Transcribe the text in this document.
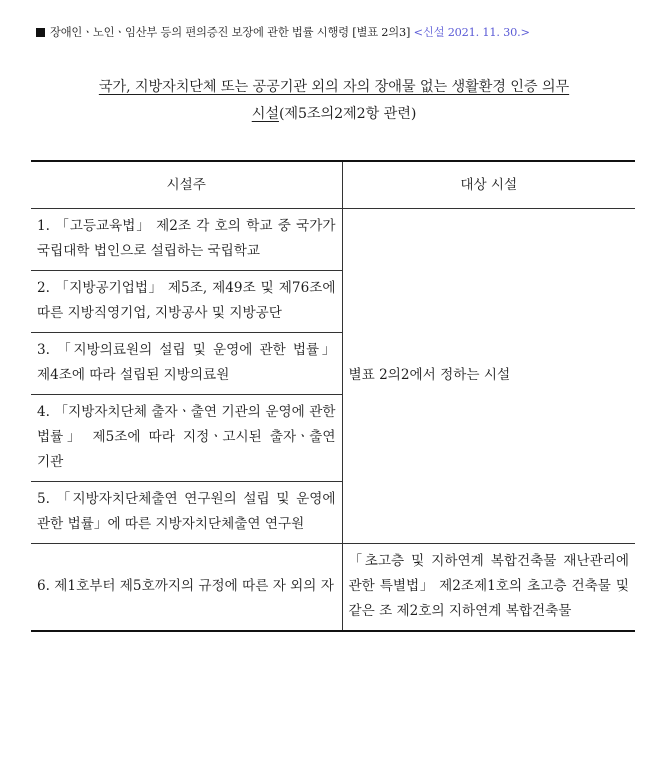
장애인ㆍ노인ㆍ임산부 등의 편의증진 보장에 관한 법률 시행령 [별표 2의3] <신설 2021. 11. 30.>
국가, 지방자치단체 또는 공공기관 외의 자의 장애물 없는 생활환경 인증 의무
시설(제5조의2제2항 관련)
시설주	대상 시설
1. 「고등교육법」 제2조 각 호의 학교 중 국가가 국립대학 법인으로 설립하는 국립학교	별표 2의2에서 정하는 시설
2. 「지방공기업법」 제5조, 제49조 및 제76조에 따른 지방직영기업, 지방공사 및 지방공단	
3. 「지방의료원의 설립 및 운영에 관한 법률」 제4조에 따라 설립된 지방의료원	
4. 「지방자치단체 출자ㆍ출연 기관의 운영에 관한 법률」 제5조에 따라 지정ㆍ고시된 출자ㆍ출연 기관	
5. 「지방자치단체출연 연구원의 설립 및 운영에 관한 법률」에 따른 지방자치단체출연 연구원	
6. 제1호부터 제5호까지의 규정에 따른 자 외의 자	「초고층 및 지하연계 복합건축물 재난관리에 관한 특별법」 제2조제1호의 초고층 건축물 및 같은 조 제2호의 지하연계 복합건축물
